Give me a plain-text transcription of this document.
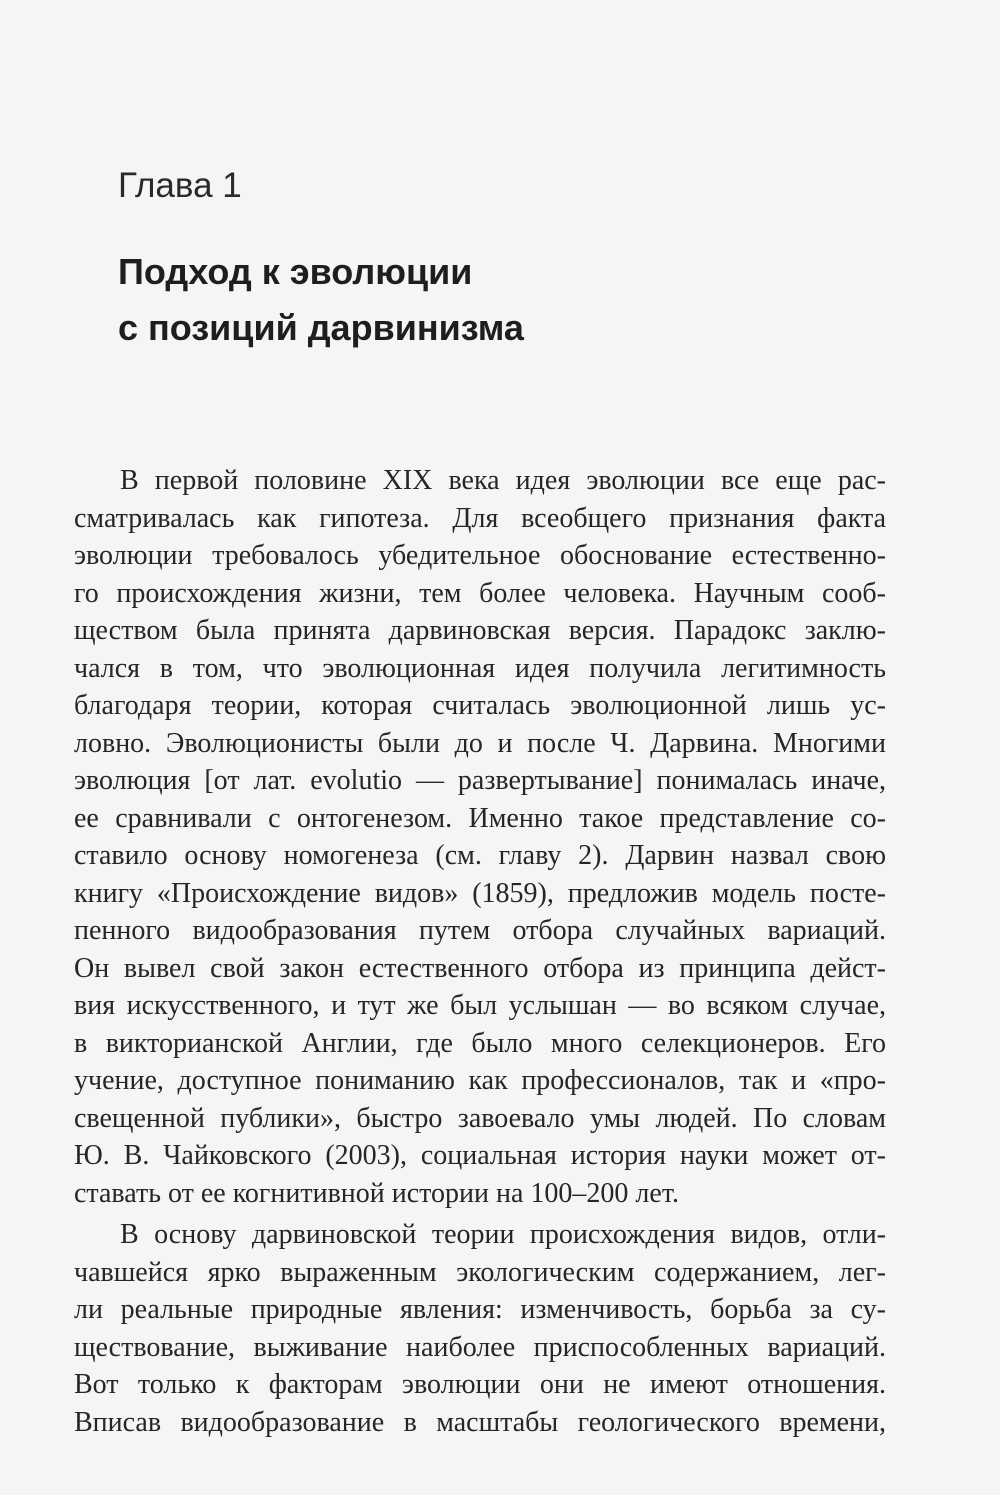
Глава 1
Подход к эволюции
с позиций дарвинизма
В первой половине XIX века идея эволюции все еще рас-
сматривалась как гипотеза. Для всеобщего признания факта
эволюции требовалось убедительное обоснование естественно-
го происхождения жизни, тем более человека. Научным сооб-
ществом была принята дарвиновская версия. Парадокс заклю-
чался в том, что эволюционная идея получила легитимность
благодаря теории, которая считалась эволюционной лишь ус-
ловно. Эволюционисты были до и после Ч. Дарвина. Многими
эволюция [от лат. evolutio — развертывание] понималась иначе,
ее сравнивали с онтогенезом. Именно такое представление со-
ставило основу номогенеза (см. главу 2). Дарвин назвал свою
книгу «Происхождение видов» (1859), предложив модель посте-
пенного видообразования путем отбора случайных вариаций.
Он вывел свой закон естественного отбора из принципа дейст-
вия искусственного, и тут же был услышан — во всяком случае,
в викторианской Англии, где было много селекционеров. Его
учение, доступное пониманию как профессионалов, так и «про-
свещенной публики», быстро завоевало умы людей. По словам
Ю. В. Чайковского (2003), социальная история науки может от-
ставать от ее когнитивной истории на 100–200 лет.
В основу дарвиновской теории происхождения видов, отли-
чавшейся ярко выраженным экологическим содержанием, лег-
ли реальные природные явления: изменчивость, борьба за су-
ществование, выживание наиболее приспособленных вариаций.
Вот только к факторам эволюции они не имеют отношения.
Вписав видообразование в масштабы геологического времени,
